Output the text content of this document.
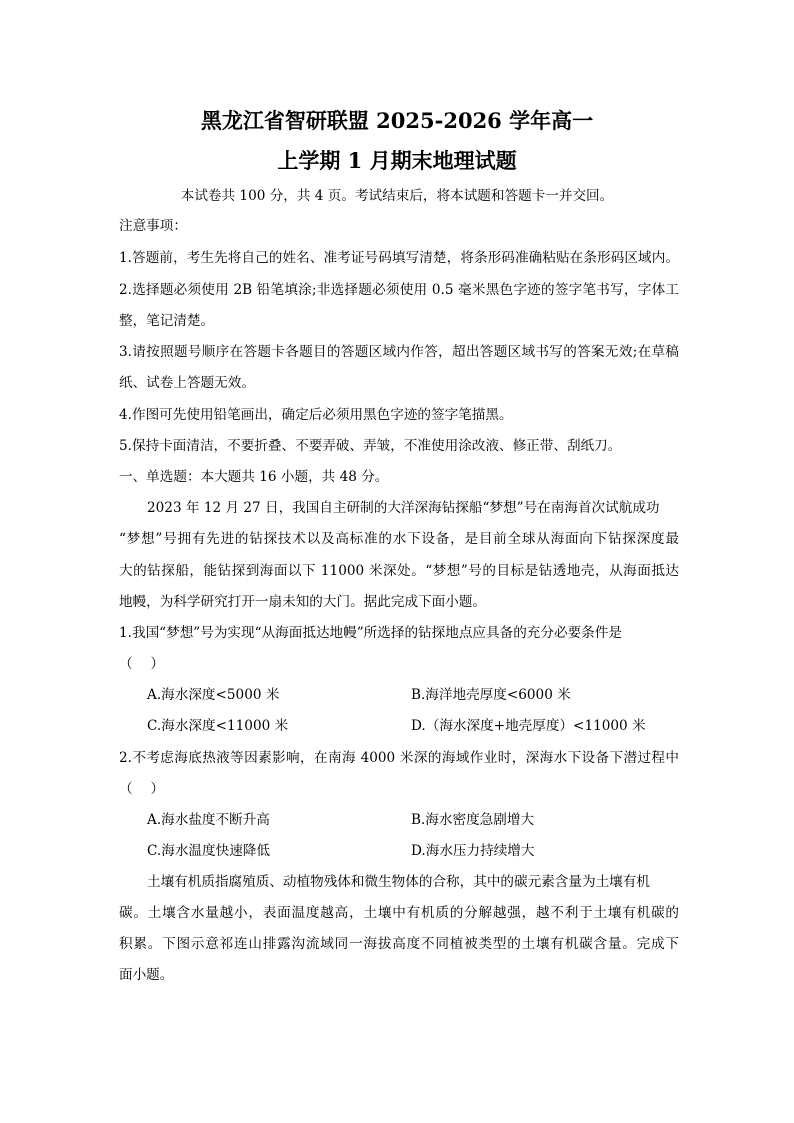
黑龙江省智研联盟 2025-2026 学年高一
上学期 1 月期末地理试题
本试卷共 100 分，共 4 页。考试结束后，将本试题和答题卡一并交回。
注意事项：
1.答题前，考生先将自己的姓名、准考证号码填写清楚，将条形码准确粘贴在条形码区域内。
2.选择题必须使用 2B 铅笔填涂;非选择题必须使用 0.5 毫米黑色字迹的签字笔书写，字体工
整，笔记清楚。
3.请按照题号顺序在答题卡各题目的答题区域内作答，超出答题区域书写的答案无效;在草稿
纸、试卷上答题无效。
4.作图可先使用铅笔画出，确定后必须用黑色字迹的签字笔描黑。
5.保持卡面清洁，不要折叠、不要弄破、弄皱，不准使用涂改液、修正带、刮纸刀。
一、单选题：本大题共 16 小题，共 48 分。
2023 年 12 月 27 日，我国自主研制的大洋深海钻探船“梦想”号在南海首次试航成功
“梦想”号拥有先进的钻探技术以及高标准的水下设备，是目前全球从海面向下钻探深度最
大的钻探船，能钻探到海面以下 11000 米深处。“梦想”号的目标是钻透地壳，从海面抵达
地幔，为科学研究打开一扇未知的大门。据此完成下面小题。
1.我国“梦想”号为实现“从海面抵达地幔”所选择的钻探地点应具备的充分必要条件是
（　 ）
A.海水深度<5000 米	B.海洋地壳厚度<6000 米
C.海水深度<11000 米	D.（海水深度+地壳厚度）<11000 米
2.不考虑海底热液等因素影响，在南海 4000 米深的海域作业时，深海水下设备下潜过程中
（　 ）
A.海水盐度不断升高	B.海水密度急剧增大
C.海水温度快速降低	D.海水压力持续增大
土壤有机质指腐殖质、动植物残体和微生物体的合称，其中的碳元素含量为土壤有机
碳。土壤含水量越小，表面温度越高，土壤中有机质的分解越强，越不利于土壤有机碳的
积累。下图示意祁连山排露沟流域同一海拔高度不同植被类型的土壤有机碳含量。完成下
面小题。
